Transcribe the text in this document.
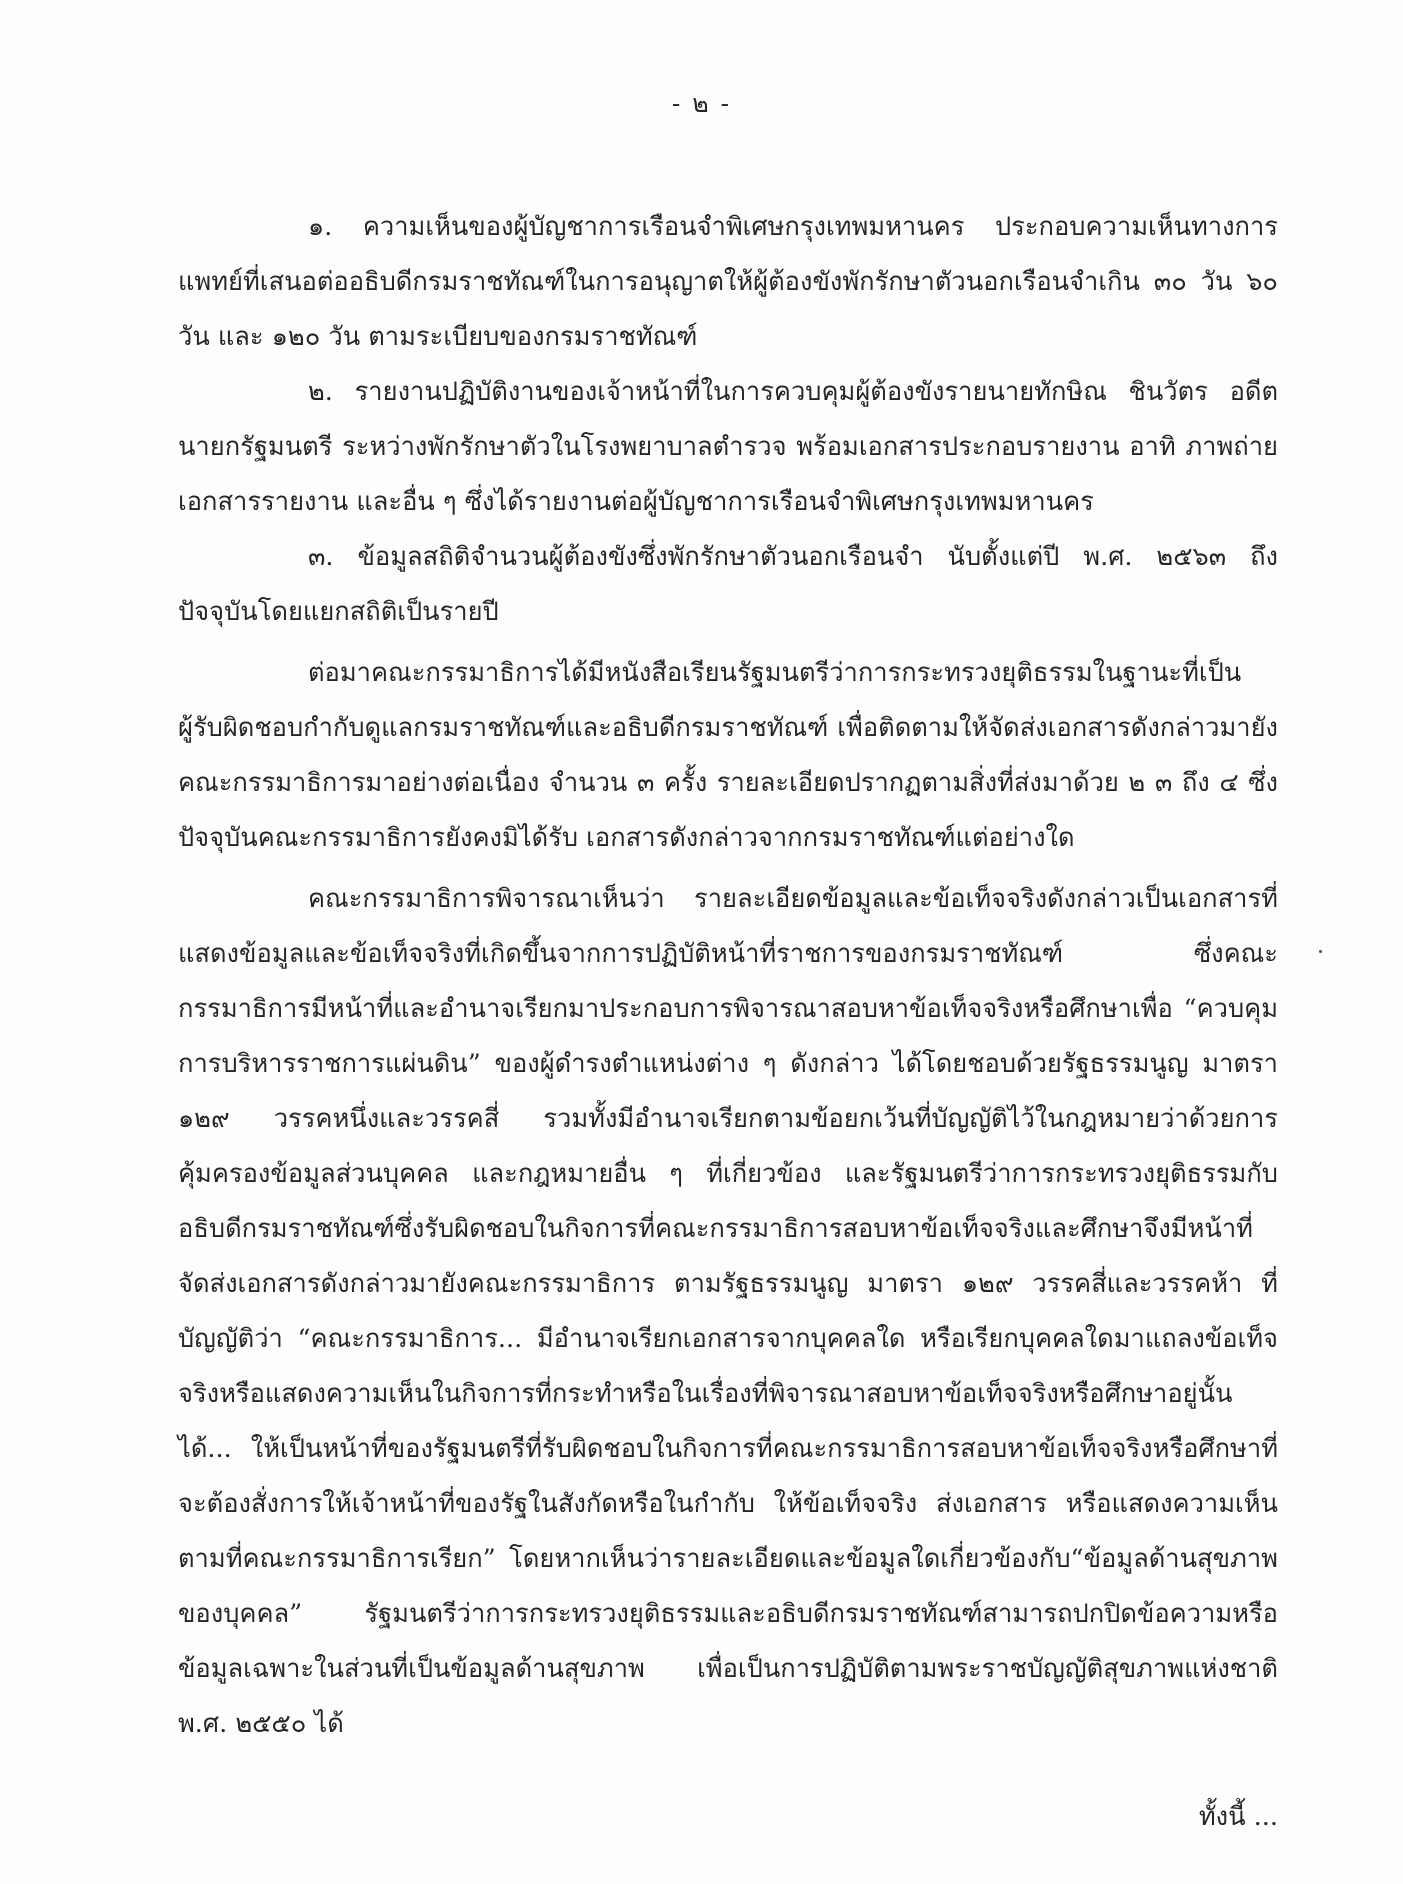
- ๒ -

๑. ความเห็นของผู้บัญชาการเรือนจำพิเศษกรุงเทพมหานคร ประกอบความเห็นทางการแพทย์ที่เสนอต่ออธิบดีกรมราชทัณฑ์ในการอนุญาตให้ผู้ต้องขังพักรักษาตัวนอกเรือนจำเกิน ๓๐ วัน ๖๐ วัน และ ๑๒๐ วัน ตามระเบียบของกรมราชทัณฑ์

๒. รายงานปฏิบัติงานของเจ้าหน้าที่ในการควบคุมผู้ต้องขังรายนายทักษิณ ชินวัตร อดีตนายกรัฐมนตรี ระหว่างพักรักษาตัวในโรงพยาบาลตำรวจ พร้อมเอกสารประกอบรายงาน อาทิ ภาพถ่าย เอกสารรายงาน และอื่น ๆ ซึ่งได้รายงานต่อผู้บัญชาการเรือนจำพิเศษกรุงเทพมหานคร

๓. ข้อมูลสถิติจำนวนผู้ต้องขังซึ่งพักรักษาตัวนอกเรือนจำ นับตั้งแต่ปี พ.ศ. ๒๕๖๓ ถึงปัจจุบันโดยแยกสถิติเป็นรายปี

ต่อมาคณะกรรมาธิการได้มีหนังสือเรียนรัฐมนตรีว่าการกระทรวงยุติธรรมในฐานะที่เป็นผู้รับผิดชอบกำกับดูแลกรมราชทัณฑ์และอธิบดีกรมราชทัณฑ์ เพื่อติดตามให้จัดส่งเอกสารดังกล่าวมายังคณะกรรมาธิการมาอย่างต่อเนื่อง จำนวน ๓ ครั้ง รายละเอียดปรากฏตามสิ่งที่ส่งมาด้วย ๒ ๓ ถึง ๔ ซึ่งปัจจุบันคณะกรรมาธิการยังคงมิได้รับ เอกสารดังกล่าวจากกรมราชทัณฑ์แต่อย่างใด

คณะกรรมาธิการพิจารณาเห็นว่า รายละเอียดข้อมูลและข้อเท็จจริงดังกล่าวเป็นเอกสารที่แสดงข้อมูลและข้อเท็จจริงที่เกิดขึ้นจากการปฏิบัติหน้าที่ราชการของกรมราชทัณฑ์ ซึ่งคณะกรรมาธิการมีหน้าที่และอำนาจเรียกมาประกอบการพิจารณาสอบหาข้อเท็จจริงหรือศึกษาเพื่อ “ควบคุมการบริหารราชการแผ่นดิน” ของผู้ดำรงตำแหน่งต่าง ๆ ดังกล่าว ได้โดยชอบด้วยรัฐธรรมนูญ มาตรา ๑๒๙ วรรคหนึ่งและวรรคสี่ รวมทั้งมีอำนาจเรียกตามข้อยกเว้นที่บัญญัติไว้ในกฎหมายว่าด้วยการคุ้มครองข้อมูลส่วนบุคคล และกฎหมายอื่น ๆ ที่เกี่ยวข้อง และรัฐมนตรีว่าการกระทรวงยุติธรรมกับอธิบดีกรมราชทัณฑ์ซึ่งรับผิดชอบในกิจการที่คณะกรรมาธิการสอบหาข้อเท็จจริงและศึกษาจึงมีหน้าที่จัดส่งเอกสารดังกล่าวมายังคณะกรรมาธิการ ตามรัฐธรรมนูญ มาตรา ๑๒๙ วรรคสี่และวรรคห้า ที่บัญญัติว่า “คณะกรรมาธิการ... มีอำนาจเรียกเอกสารจากบุคคลใด หรือเรียกบุคคลใดมาแถลงข้อเท็จจริงหรือแสดงความเห็นในกิจการที่กระทำหรือในเรื่องที่พิจารณาสอบหาข้อเท็จจริงหรือศึกษาอยู่นั้นได้... ให้เป็นหน้าที่ของรัฐมนตรีที่รับผิดชอบในกิจการที่คณะกรรมาธิการสอบหาข้อเท็จจริงหรือศึกษาที่จะต้องสั่งการให้เจ้าหน้าที่ของรัฐในสังกัดหรือในกำกับ ให้ข้อเท็จจริง ส่งเอกสาร หรือแสดงความเห็นตามที่คณะกรรมาธิการเรียก” โดยหากเห็นว่ารายละเอียดและข้อมูลใดเกี่ยวข้องกับ“ข้อมูลด้านสุขภาพของบุคคล” รัฐมนตรีว่าการกระทรวงยุติธรรมและอธิบดีกรมราชทัณฑ์สามารถปกปิดข้อความหรือข้อมูลเฉพาะในส่วนที่เป็นข้อมูลด้านสุขภาพ เพื่อเป็นการปฏิบัติตามพระราชบัญญัติสุขภาพแห่งชาติ พ.ศ. ๒๕๕๐ ได้

ทั้งนี้ ...
